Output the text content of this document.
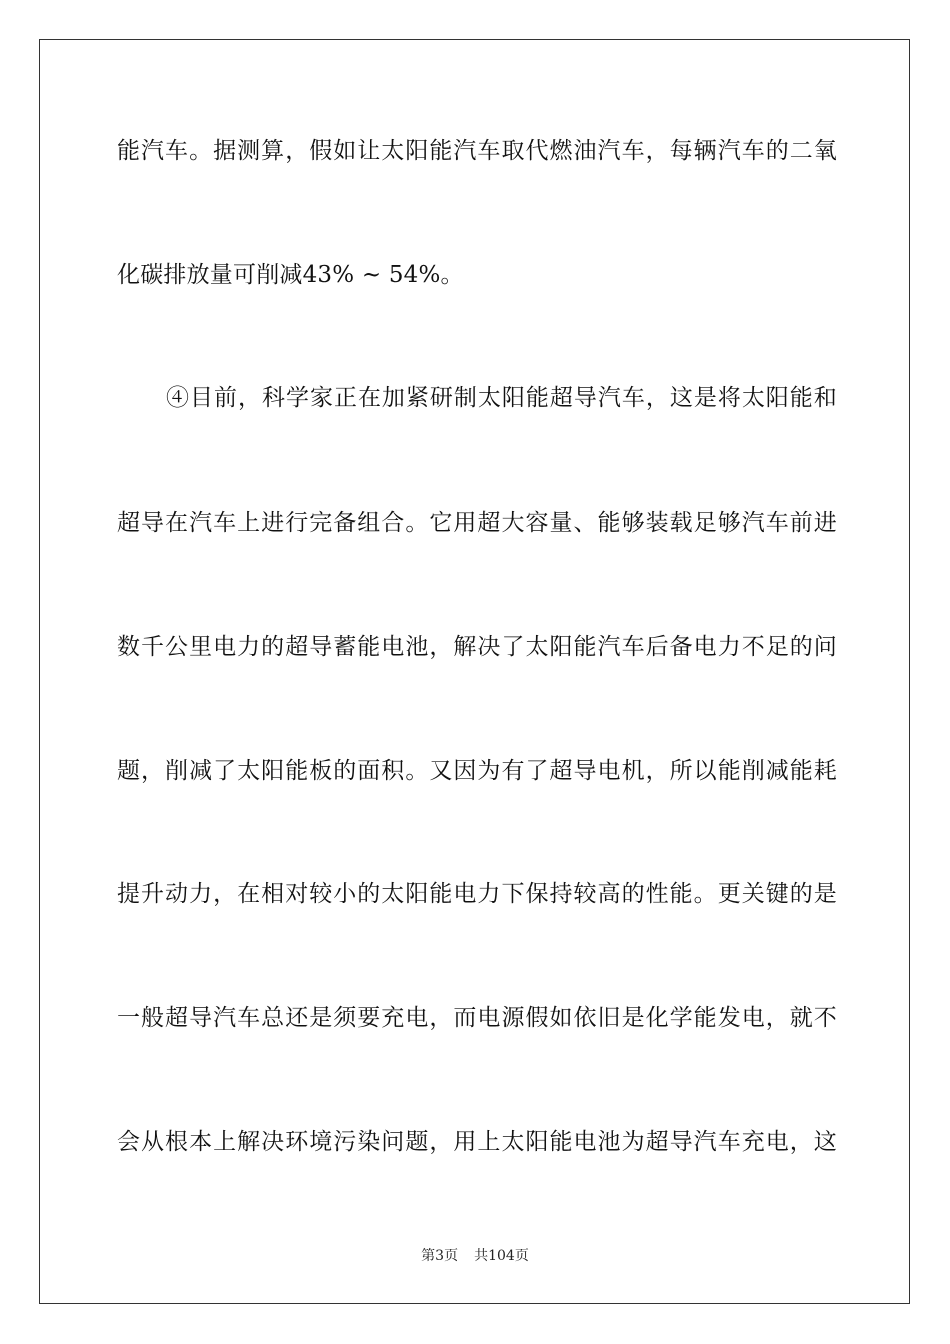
能汽车。据测算，假如让太阳能汽车取代燃油汽车，每辆汽车的二氧
化碳排放量可削减43% ~ 54%。
④目前，科学家正在加紧研制太阳能超导汽车，这是将太阳能和
超导在汽车上进行完备组合。它用超大容量、能够装载足够汽车前进
数千公里电力的超导蓄能电池，解决了太阳能汽车后备电力不足的问
题，削减了太阳能板的面积。又因为有了超导电机，所以能削减能耗
提升动力，在相对较小的太阳能电力下保持较高的性能。更关键的是
一般超导汽车总还是须要充电，而电源假如依旧是化学能发电，就不
会从根本上解决环境污染问题，用上太阳能电池为超导汽车充电，这
第3页 共104页
